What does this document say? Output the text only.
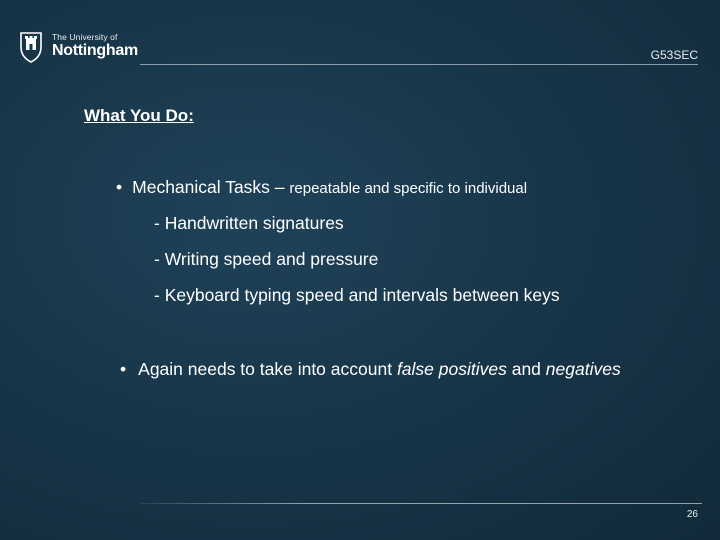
The University of
Nottingham	G53SEC
What You Do:
• Mechanical Tasks – repeatable and specific to individual
- Handwritten signatures
- Writing speed and pressure
- Keyboard typing speed and intervals between keys
• Again needs to take into account false positives and negatives
26
